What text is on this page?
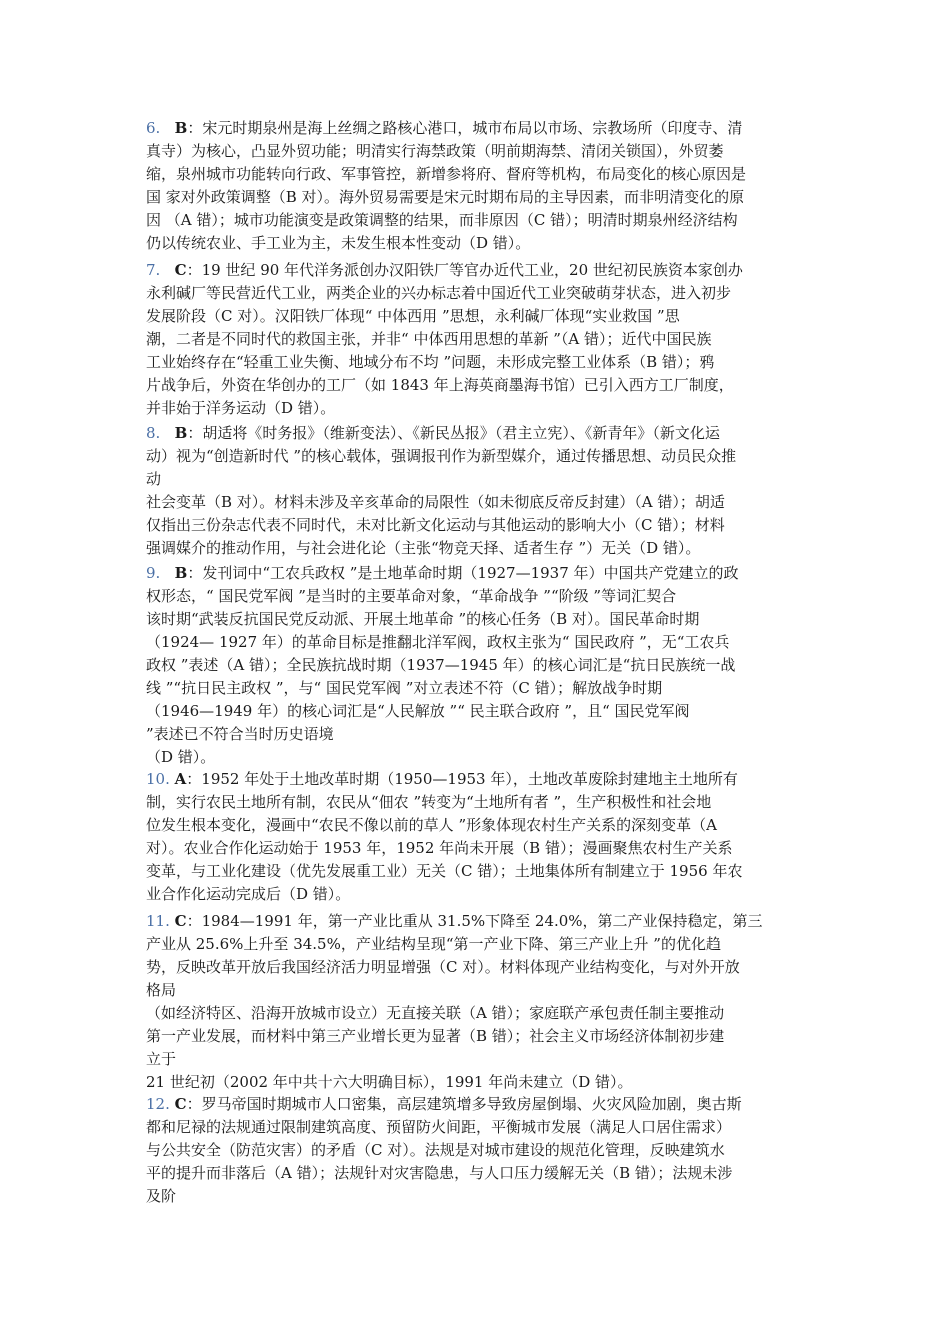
6. B：宋元时期泉州是海上丝绸之路核心港口，城市布局以市场、宗教场所（印度寺、清
真寺）为核心，凸显外贸功能；明清实行海禁政策（明前期海禁、清闭关锁国），外贸萎
缩，泉州城市功能转向行政、军事管控，新增参将府、督府等机构，布局变化的核心原因是
国 家对外政策调整（B 对）。海外贸易需要是宋元时期布局的主导因素，而非明清变化的原
因 （A 错）；城市功能演变是政策调整的结果，而非原因（C 错）；明清时期泉州经济结构
仍以传统农业、手工业为主，未发生根本性变动（D 错）。
7. C：19 世纪 90 年代洋务派创办汉阳铁厂等官办近代工业，20 世纪初民族资本家创办
永利碱厂等民营近代工业，两类企业的兴办标志着中国近代工业突破萌芽状态，进入初步
发展阶段（C 对）。汉阳铁厂体现“ 中体西用 ”思想，永利碱厂体现“实业救国 ”思
潮，二者是不同时代的救国主张，并非“ 中体西用思想的革新 ”（A 错）；近代中国民族
工业始终存在“轻重工业失衡、地域分布不均 ”问题，未形成完整工业体系（B 错）；鸦
片战争后，外资在华创办的工厂（如 1843 年上海英商墨海书馆）已引入西方工厂制度，
并非始于洋务运动（D 错）。
8. B：胡适将《时务报》（维新变法）、《新民丛报》（君主立宪）、《新青年》（新文化运
动）视为“创造新时代 ”的核心载体，强调报刊作为新型媒介，通过传播思想、动员民众推
动
社会变革（B 对）。材料未涉及辛亥革命的局限性（如未彻底反帝反封建）（A 错）；胡适
仅指出三份杂志代表不同时代，未对比新文化运动与其他运动的影响大小（C 错）；材料
强调媒介的推动作用，与社会进化论（主张“物竞天择、适者生存 ”）无关（D 错）。
9. B：发刊词中“工农兵政权 ”是土地革命时期（1927—1937 年）中国共产党建立的政
权形态，“ 国民党军阀 ”是当时的主要革命对象，“革命战争 ”“阶级 ”等词汇契合
该时期“武装反抗国民党反动派、开展土地革命 ”的核心任务（B 对）。国民革命时期
（1924— 1927 年）的革命目标是推翻北洋军阀，政权主张为“ 国民政府 ”，无“工农兵
政权 ”表述（A 错）；全民族抗战时期（1937—1945 年）的核心词汇是“抗日民族统一战
线 ”“抗日民主政权 ”，与“ 国民党军阀 ”对立表述不符（C 错）；解放战争时期
（1946—1949 年）的核心词汇是“人民解放 ”“ 民主联合政府 ”，且“ 国民党军阀
”表述已不符合当时历史语境
（D 错）。
10. A：1952 年处于土地改革时期（1950—1953 年），土地改革废除封建地主土地所有
制，实行农民土地所有制，农民从“佃农 ”转变为“土地所有者 ”，生产积极性和社会地
位发生根本变化，漫画中“农民不像以前的草人 ”形象体现农村生产关系的深刻变革（A
对）。农业合作化运动始于 1953 年，1952 年尚未开展（B 错）；漫画聚焦农村生产关系
变革，与工业化建设（优先发展重工业）无关（C 错）；土地集体所有制建立于 1956 年农
业合作化运动完成后（D 错）。
11. C：1984—1991 年，第一产业比重从 31.5%下降至 24.0%，第二产业保持稳定，第三
产业从 25.6%上升至 34.5%，产业结构呈现“第一产业下降、第三产业上升 ”的优化趋
势，反映改革开放后我国经济活力明显增强（C 对）。材料体现产业结构变化，与对外开放
格局
（如经济特区、沿海开放城市设立）无直接关联（A 错）；家庭联产承包责任制主要推动
第一产业发展，而材料中第三产业增长更为显著（B 错）；社会主义市场经济体制初步建
立于
21 世纪初（2002 年中共十六大明确目标），1991 年尚未建立（D 错）。
12. C：罗马帝国时期城市人口密集，高层建筑增多导致房屋倒塌、火灾风险加剧，奥古斯
都和尼禄的法规通过限制建筑高度、预留防火间距，平衡城市发展（满足人口居住需求）
与公共安全（防范灾害）的矛盾（C 对）。法规是对城市建设的规范化管理，反映建筑水
平的提升而非落后（A 错）；法规针对灾害隐患，与人口压力缓解无关（B 错）；法规未涉
及阶
